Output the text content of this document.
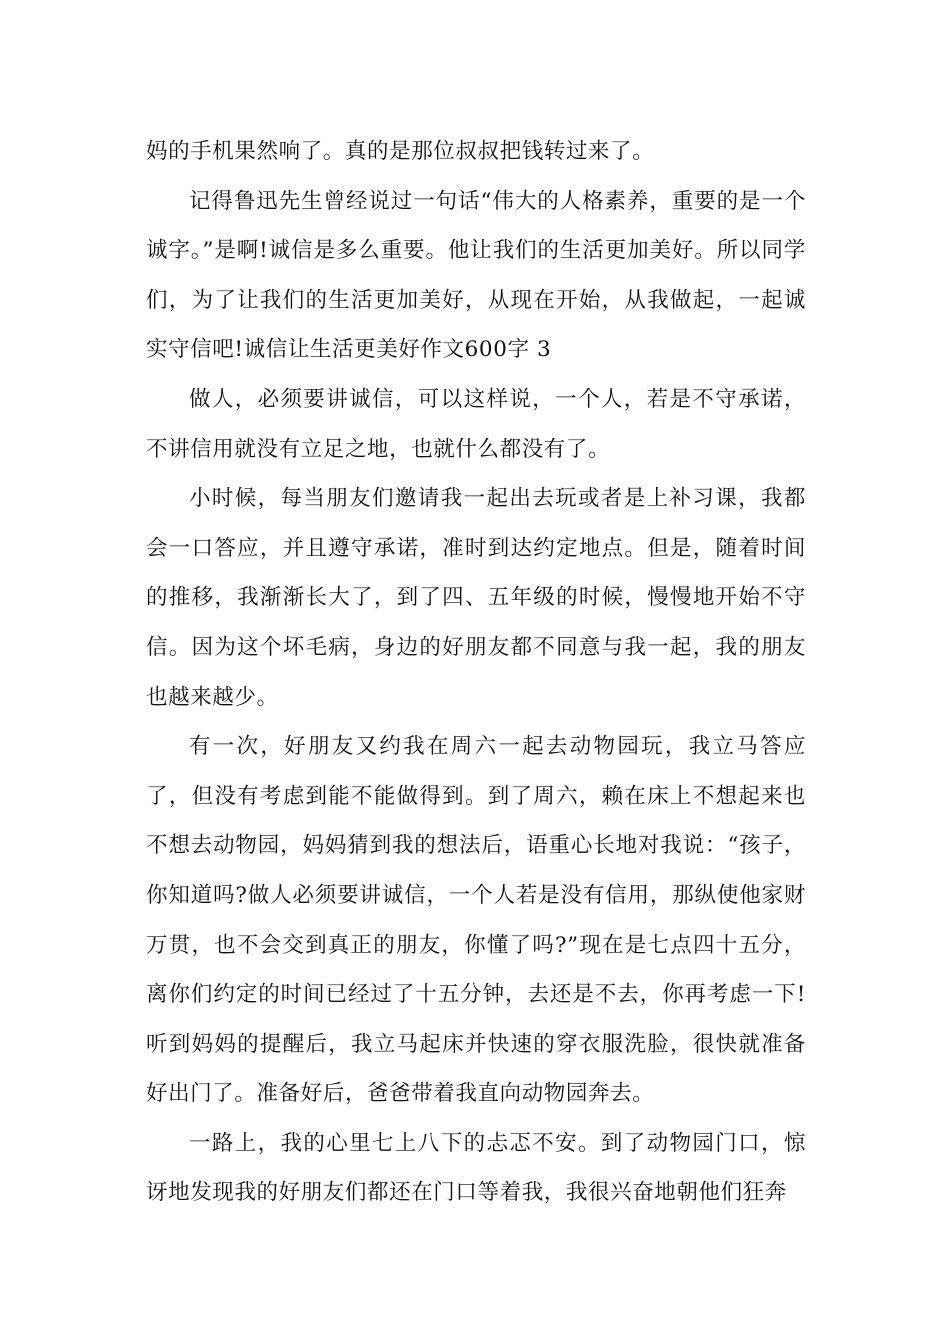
妈的手机果然响了。真的是那位叔叔把钱转过来了。

记得鲁迅先生曾经说过一句话“伟大的人格素养，重要的是一个诚字。”是啊!诚信是多么重要。他让我们的生活更加美好。所以同学们，为了让我们的生活更加美好，从现在开始，从我做起，一起诚实守信吧!诚信让生活更美好作文600字 3

做人，必须要讲诚信，可以这样说，一个人，若是不守承诺，不讲信用就没有立足之地，也就什么都没有了。

小时候，每当朋友们邀请我一起出去玩或者是上补习课，我都会一口答应，并且遵守承诺，准时到达约定地点。但是，随着时间的推移，我渐渐长大了，到了四、五年级的时候，慢慢地开始不守信。因为这个坏毛病，身边的好朋友都不同意与我一起，我的朋友也越来越少。

有一次，好朋友又约我在周六一起去动物园玩，我立马答应了，但没有考虑到能不能做得到。到了周六，赖在床上不想起来也不想去动物园，妈妈猜到我的想法后，语重心长地对我说：“孩子，你知道吗?做人必须要讲诚信，一个人若是没有信用，那纵使他家财万贯，也不会交到真正的朋友，你懂了吗?”现在是七点四十五分，离你们约定的时间已经过了十五分钟，去还是不去，你再考虑一下!听到妈妈的提醒后，我立马起床并快速的穿衣服洗脸，很快就准备好出门了。准备好后，爸爸带着我直向动物园奔去。

一路上，我的心里七上八下的忐忑不安。到了动物园门口，惊讶地发现我的好朋友们都还在门口等着我，我很兴奋地朝他们狂奔
